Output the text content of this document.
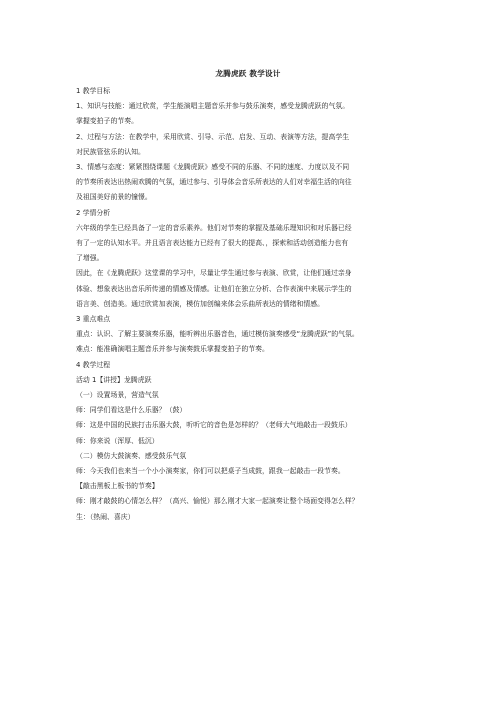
龙腾虎跃 教学设计

1 教学目标

1、知识与技能：通过欣赏，学生能演唱主题音乐并参与鼓乐演奏，感受龙腾虎跃的气氛。

掌握变拍子的节奏。

2、过程与方法：在教学中，采用欣赏、引导、示范、启发、互动、表演等方法，提高学生

对民族管弦乐的认知。

3、情感与态度：紧紧围绕课题《龙腾虎跃》感受不同的乐器、不同的速度、力度以及不同

的节奏所表达出热闹欢腾的气氛，通过参与、引导体会音乐所表达的人们对幸福生活的向往

及祖国美好前景的憧憬。

2 学情分析

六年级的学生已经具备了一定的音乐素养。他们对节奏的掌握及基础乐理知识和对乐器已经

有了一定的认知水平。并且语言表达能力已经有了很大的提高、，探索和活动创造能力也有

了增强。

因此，在《龙腾虎跃》这堂课的学习中，尽量让学生通过参与表演、欣赏，让他们通过亲身

体验、想象表达出音乐所传递的情感及情感。让他们在独立分析、合作表演中来展示学生的

语言美、创造美。通过欣赏加表演，模仿加创编来体会乐曲所表达的情绪和情感。

3 重点难点

重点：认识、了解主要演奏乐器，能听辨出乐器音色，通过模仿演奏感受“龙腾虎跃”的气氛。

难点：能准确演唱主题音乐并参与演奏鼓乐掌握变拍子的节奏。

4 教学过程

活动 1【讲授】龙腾虎跃

（一）设置场景，营造气氛

师：同学们看这是什么乐器？（鼓）

师：这是中国的民族打击乐器大鼓，听听它的音色是怎样的？（老师大气地敲击一段鼓乐）

师：你来说（浑厚、低沉）

（二）模仿大鼓演奏、感受鼓乐气氛

师：今天我们也来当一个小小演奏家，你们可以把桌子当成鼓，跟我一起敲击一段节奏。

【敲击黑板上板书的节奏】

师：刚才敲鼓的心情怎么样？（高兴、愉悦）那么刚才大家一起演奏让整个场面变得怎么样？

生：（热闹、喜庆）
